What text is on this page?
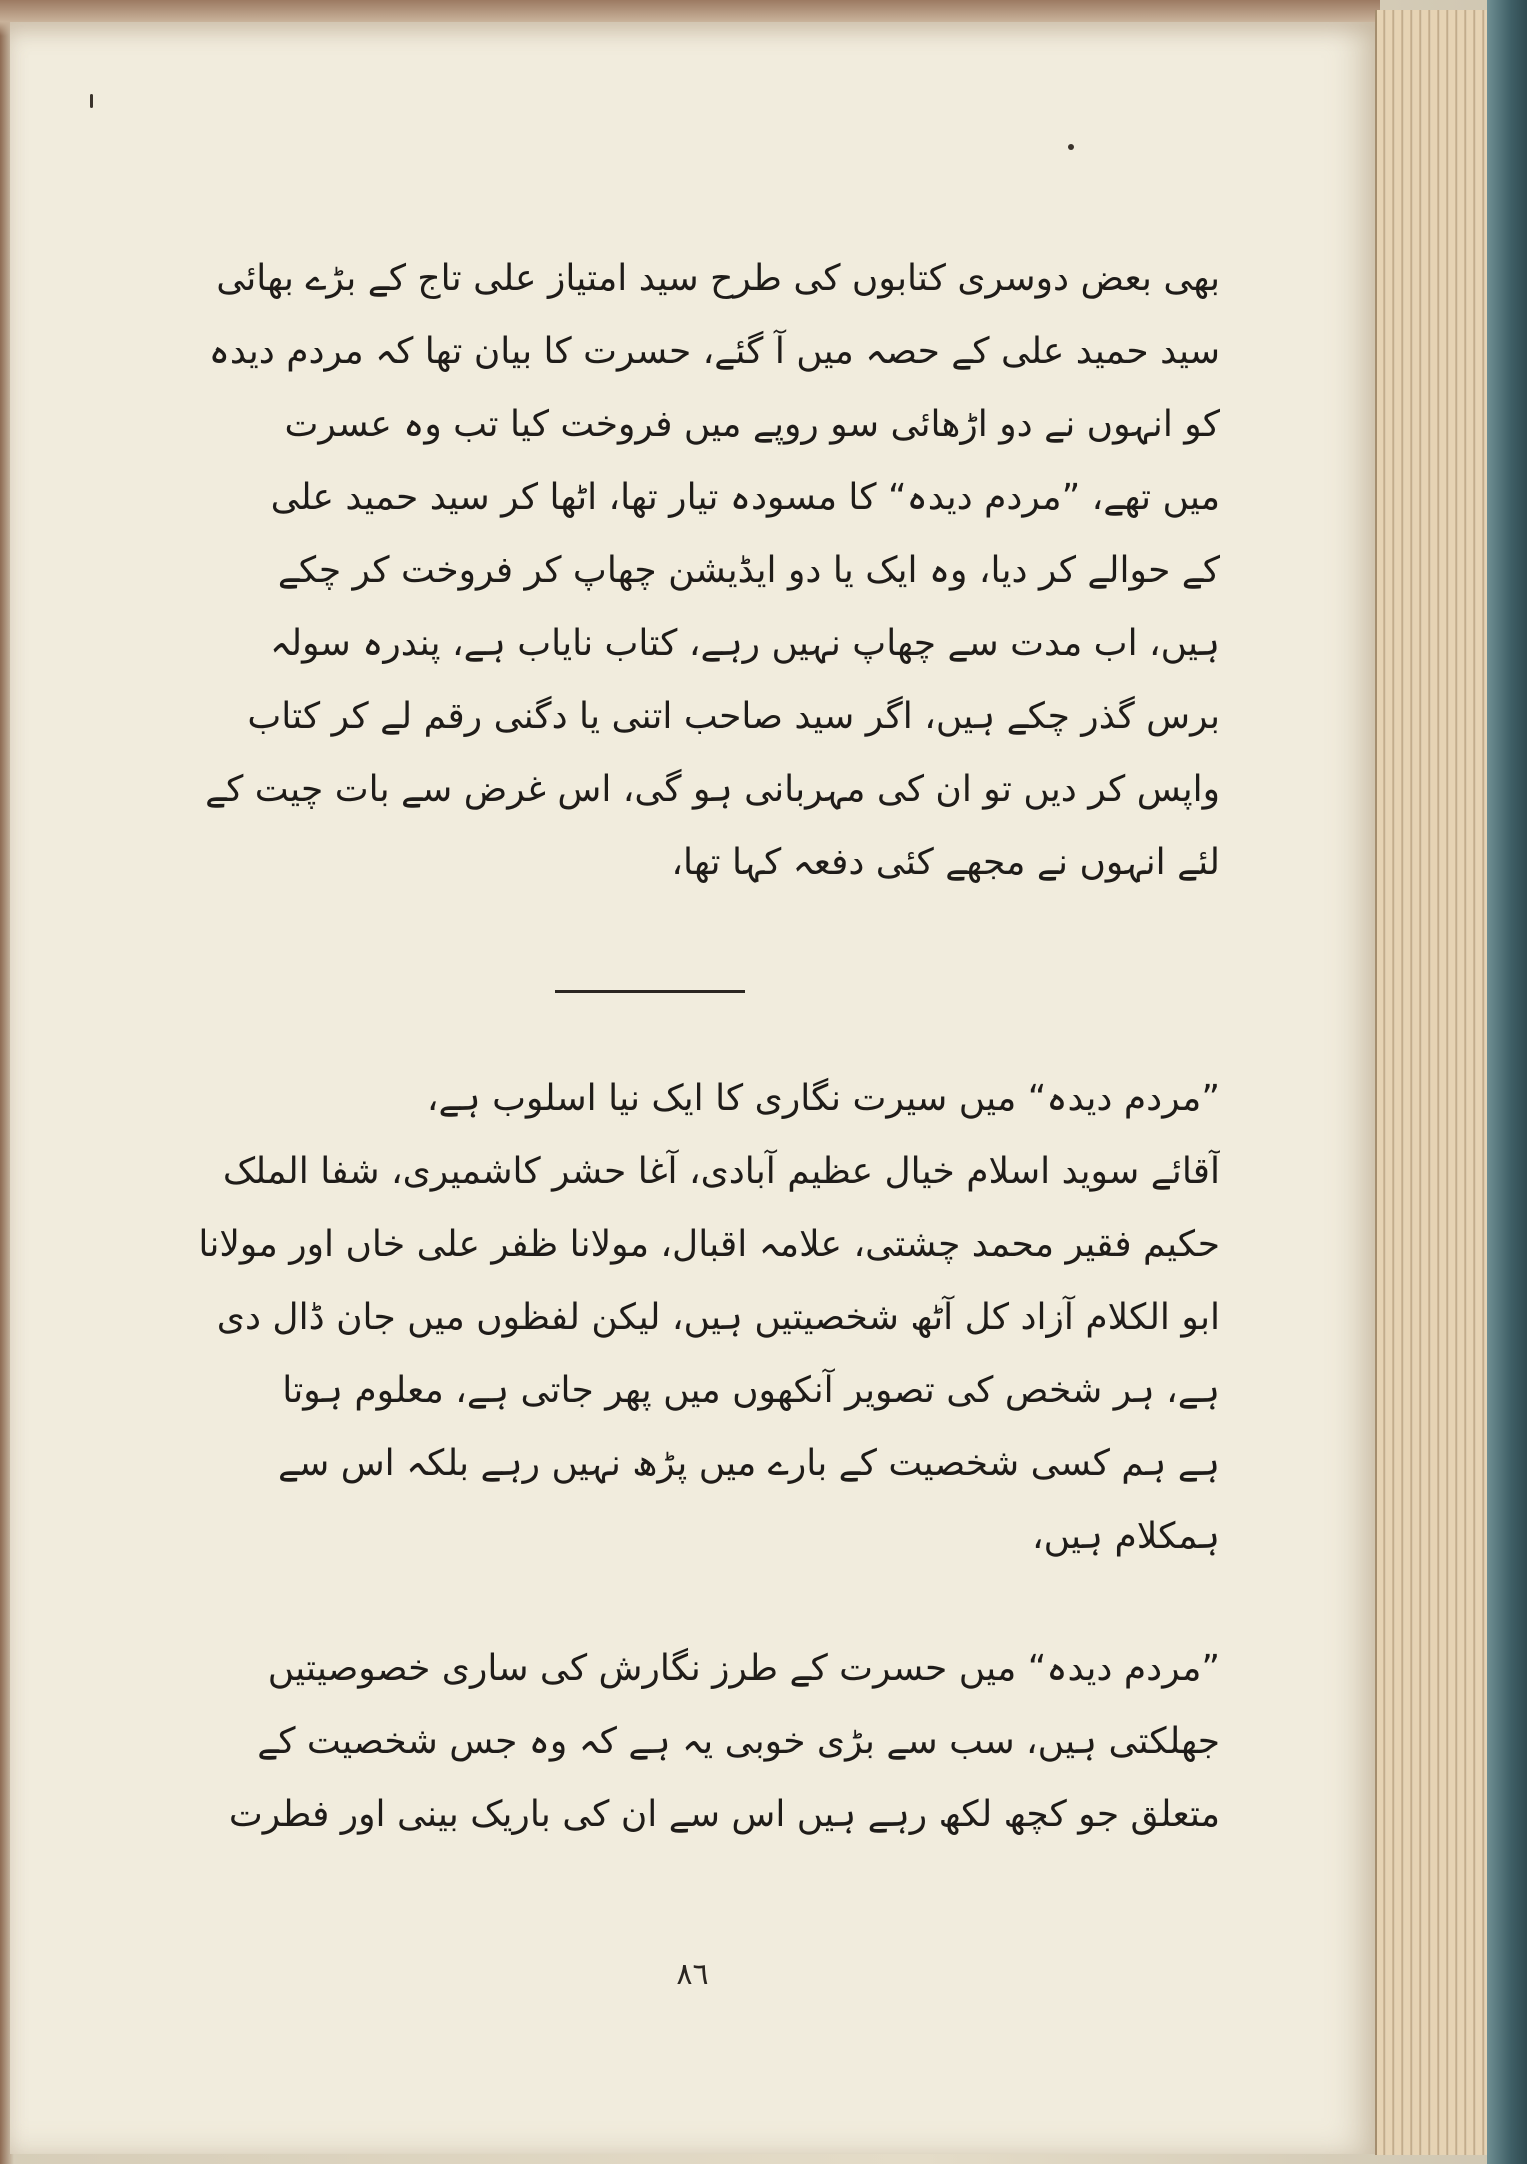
بھی بعض دوسری کتابوں کی طرح سید امتیاز علی تاج کے بڑے بھائی
سید حمید علی کے حصہ میں آ گئے، حسرت کا بیان تھا کہ مردم دیدہ
کو انہوں نے دو اڑھائی سو روپے میں فروخت کیا تب وہ عسرت
میں تھے، ”مردم دیدہ“ کا مسودہ تیار تھا، اٹھا کر سید حمید علی
کے حوالے کر دیا، وہ ایک یا دو ایڈیشن چھاپ کر فروخت کر چکے
ہیں، اب مدت سے چھاپ نہیں رہے، کتاب نایاب ہے، پندرہ سولہ
برس گذر چکے ہیں، اگر سید صاحب اتنی یا دگنی رقم لے کر کتاب
واپس کر دیں تو ان کی مہربانی ہو گی، اس غرض سے بات چیت کے
لئے انہوں نے مجھے کئی دفعہ کہا تھا،
”مردم دیدہ“ میں سیرت نگاری کا ایک نیا اسلوب ہے،
آقائے سوید اسلام خیال عظیم آبادی، آغا حشر کاشمیری، شفا الملک
حکیم فقیر محمد چشتی، علامہ اقبال، مولانا ظفر علی خاں اور مولانا
ابو الکلام آزاد کل آٹھ شخصیتیں ہیں، لیکن لفظوں میں جان ڈال دی
ہے، ہر شخص کی تصویر آنکھوں میں پھر جاتی ہے، معلوم ہوتا
ہے ہم کسی شخصیت کے بارے میں پڑھ نہیں رہے بلکہ اس سے
ہمکلام ہیں،
”مردم دیدہ“ میں حسرت کے طرز نگارش کی ساری خصوصیتیں
جھلکتی ہیں، سب سے بڑی خوبی یہ ہے کہ وہ جس شخصیت کے
متعلق جو کچھ لکھ رہے ہیں اس سے ان کی باریک بینی اور فطرت
٨٦
